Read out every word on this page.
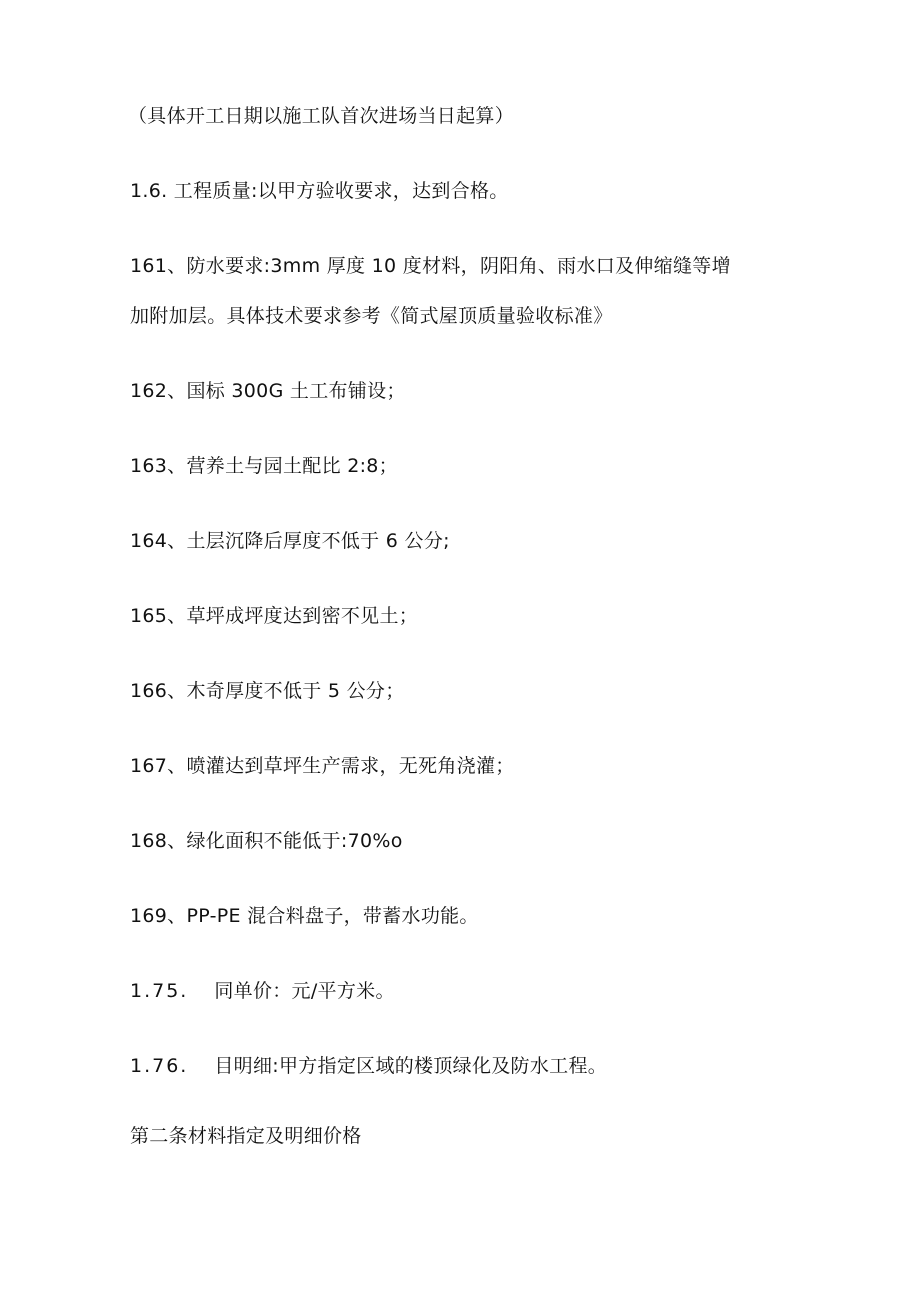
（具体开工日期以施工队首次进场当日起算）
1.6. 工程质量:以甲方验收要求，达到合格。
161、防水要求:3mm 厚度 10 度材料，阴阳角、雨水口及伸缩缝等增
加附加层。具体技术要求参考《简式屋顶质量验收标准》
162、国标 300G 土工布铺设；
163、营养土与园土配比 2:8；
164、土层沉降后厚度不低于 6 公分;
165、草坪成坪度达到密不见土；
166、木奇厚度不低于 5 公分；
167、喷灌达到草坪生产需求，无死角浇灌；
168、绿化面积不能低于:70%o
169、PP-PE 混合料盘子，带蓄水功能。
1.75. 同单价：元/平方米。
1.76. 目明细:甲方指定区域的楼顶绿化及防水工程。
第二条材料指定及明细价格
